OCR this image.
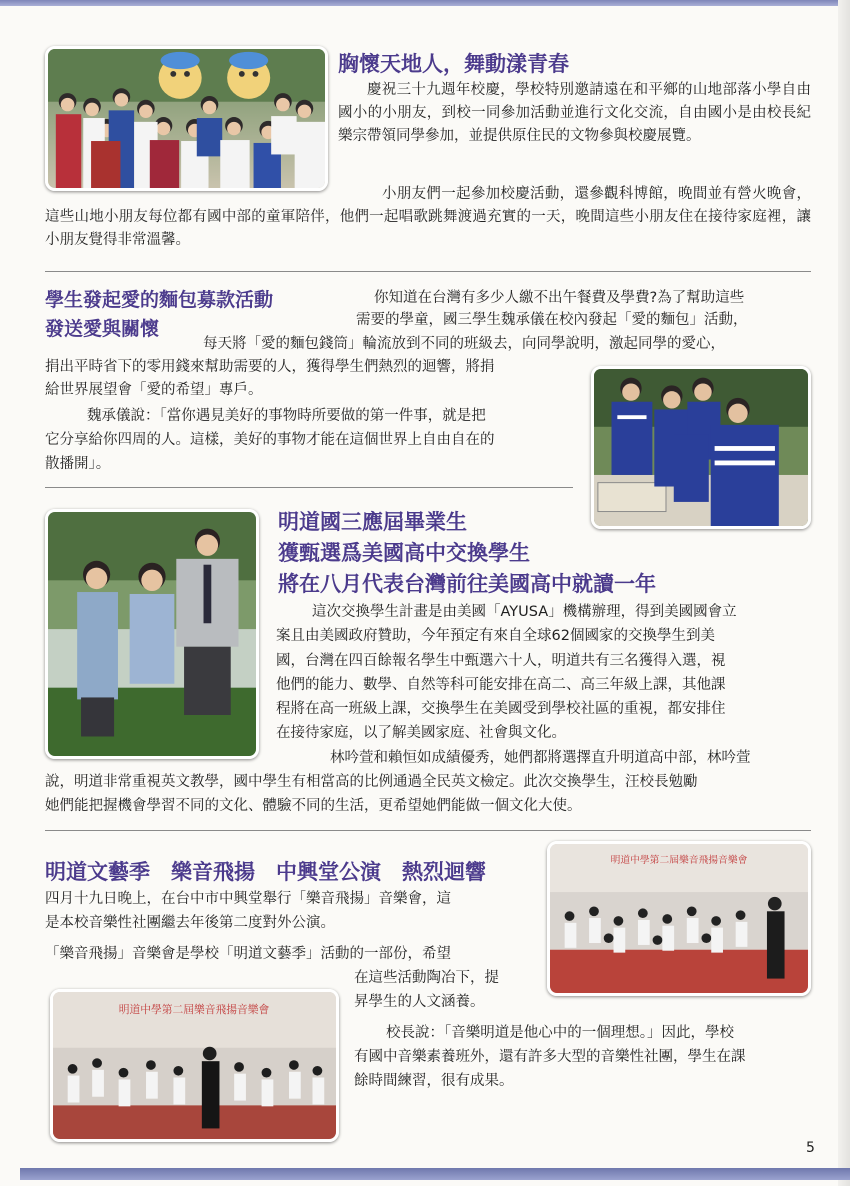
胸懷天地人，舞動漾青春
慶祝三十九週年校慶，學校特別邀請遠在和平鄉的山地部落小學自由國小的小朋友，到校一同參加活動並進行文化交流，自由國小是由校長紀樂宗帶領同學參加，並提供原住民的文物參與校慶展覽。
小朋友們一起參加校慶活動，還參觀科博館，晚間並有營火晚會，這些山地小朋友每位都有國中部的童軍陪伴，他們一起唱歌跳舞渡過充實的一天，晚間這些小朋友住在接待家庭裡，讓小朋友覺得非常溫馨。
學生發起愛的麵包募款活動
發送愛與關懷
你知道在台灣有多少人繳不出午餐費及學費?為了幫助這些
需要的學童，國三學生魏承儀在校內發起「愛的麵包」活動，
每天將「愛的麵包錢筒」輪流放到不同的班級去，向同學說明，激起同學的愛心，
捐出平時省下的零用錢來幫助需要的人，獲得學生們熱烈的迴響，將捐
給世界展望會「愛的希望」專戶。
魏承儀說：「當你遇見美好的事物時所要做的第一件事，就是把
它分享給你四周的人。這樣，美好的事物才能在這個世界上自由自在的
散播開」。
明道國三應屆畢業生
獲甄選爲美國高中交換學生
將在八月代表台灣前往美國高中就讀一年
這次交換學生計畫是由美國「AYUSA」機構辦理，得到美國國會立
案且由美國政府贊助，今年預定有來自全球62個國家的交換學生到美
國，台灣在四百餘報名學生中甄選六十人，明道共有三名獲得入選，視
他們的能力、數學、自然等科可能安排在高二、高三年級上課，其他課
程將在高一班級上課，交換學生在美國受到學校社區的重視，都安排住
在接待家庭，以了解美國家庭、社會與文化。
林吟萱和賴恒如成績優秀，她們都將選擇直升明道高中部，林吟萱
說，明道非常重視英文教學，國中學生有相當高的比例通過全民英文檢定。此次交換學生，汪校長勉勵
她們能把握機會學習不同的文化、體驗不同的生活，更希望她們能做一個文化大使。
明道文藝季　樂音飛揚　中興堂公演　熱烈迴響	明道中學第二屆樂音飛揚音樂會
四月十九日晚上，在台中市中興堂舉行「樂音飛揚」音樂會，這
是本校音樂性社團繼去年後第二度對外公演。
「樂音飛揚」音樂會是學校「明道文藝季」活動的一部份，希望
在這些活動陶冶下，提
昇學生的人文涵養。
校長說：「音樂明道是他心中的一個理想。」因此，學校
有國中音樂素養班外，還有許多大型的音樂性社團，學生在課
餘時間練習，很有成果。
明道中學第二屆樂音飛揚音樂會
5
